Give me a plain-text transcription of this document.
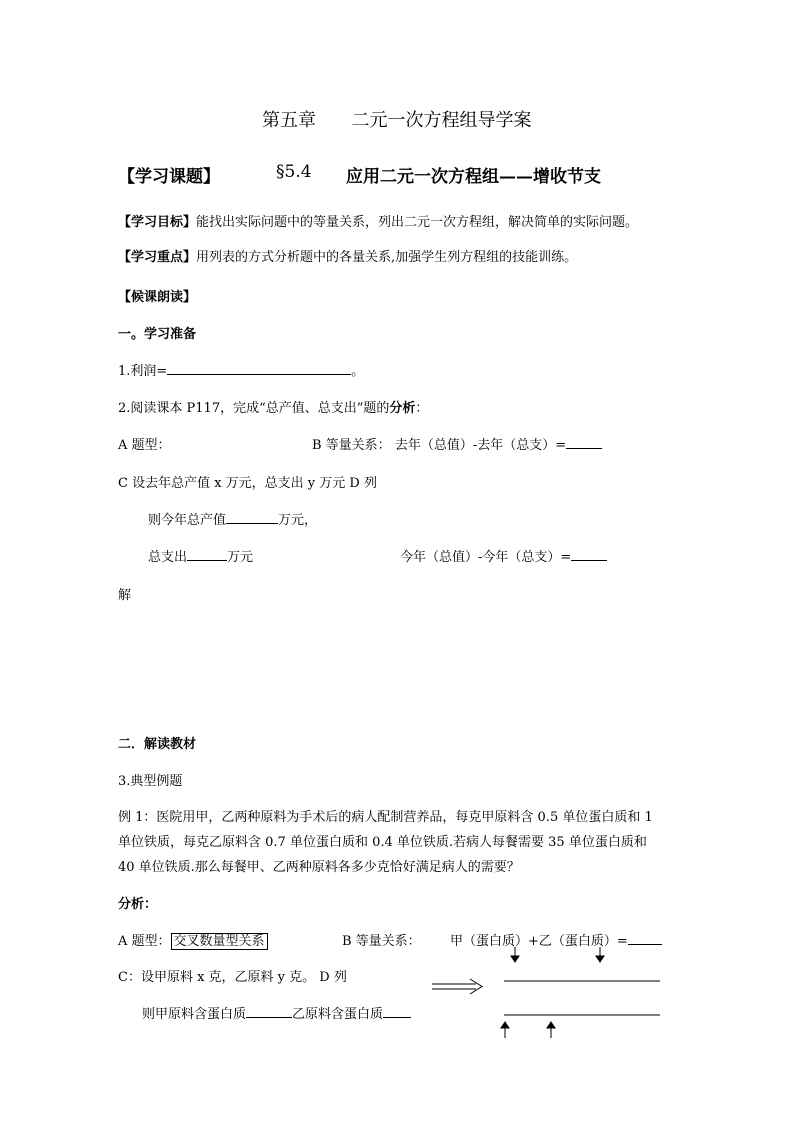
第五章 二元一次方程组导学案
【学习课题】	§5.4 应用二元一次方程组——增收节支
【学习目标】能找出实际问题中的等量关系，列出二元一次方程组，解决简单的实际问题。
【学习重点】用列表的方式分析题中的各量关系,加强学生列方程组的技能训练。
【候课朗读】
一。学习准备
1.利润=	。
2.阅读课本 P117，完成“总产值、总支出”题的分析：
A 题型：	B 等量关系： 去年（总值）-去年（总支）=
C 设去年总产值 x 万元，总支出 y 万元 D 列
则今年总产值	万元，
总支出	万元	今年（总值）-今年（总支）=
解
二．解读教材
3.典型例题
例 1：医院用甲，乙两种原料为手术后的病人配制营养品，每克甲原料含 0.5 单位蛋白质和 1
单位铁质，每克乙原料含 0.7 单位蛋白质和 0.4 单位铁质.若病人每餐需要 35 单位蛋白质和
40 单位铁质.那么每餐甲、乙两种原料各多少克恰好满足病人的需要？
分析：
A 题型： 交叉数量型关系	B 等量关系： 甲（蛋白质）+乙（蛋白质）=
C：设甲原料 x 克，乙原料 y 克。 D 列
则甲原料含蛋白质	乙原料含蛋白质
